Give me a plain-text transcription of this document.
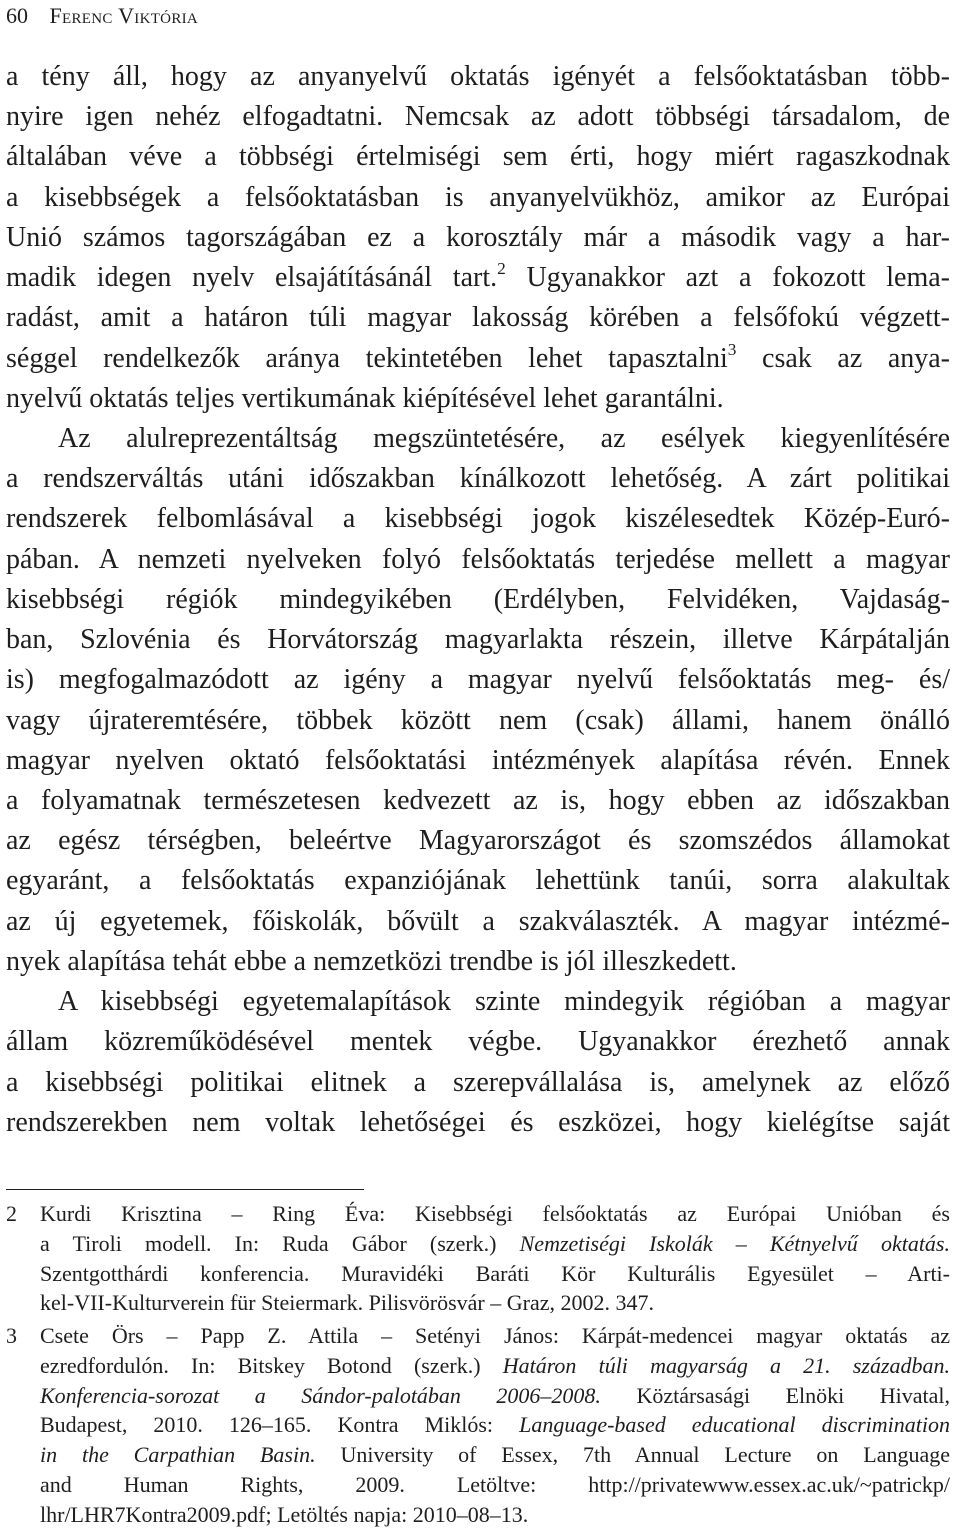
60 Ferenc Viktória
a tény áll, hogy az anyanyelvű oktatás igényét a felsőoktatásban több-
nyire igen nehéz elfogadtatni. Nemcsak az adott többségi társadalom, de
általában véve a többségi értelmiségi sem érti, hogy miért ragaszkodnak
a kisebbségek a felsőoktatásban is anyanyelvükhöz, amikor az Európai
Unió számos tagországában ez a korosztály már a második vagy a har-
madik idegen nyelv elsajátításánál tart.$^2$ Ugyanakkor azt a fokozott lema-
radást, amit a határon túli magyar lakosság körében a felsőfokú végzett-
séggel rendelkezők aránya tekintetében lehet tapasztalni$^3$ csak az anya-
nyelvű oktatás teljes vertikumának kiépítésével lehet garantálni.
Az alulreprezentáltság megszüntetésére, az esélyek kiegyenlítésére
a rendszerváltás utáni időszakban kínálkozott lehetőség. A zárt politikai
rendszerek felbomlásával a kisebbségi jogok kiszélesedtek Közép-Euró-
pában. A nemzeti nyelveken folyó felsőoktatás terjedése mellett a magyar
kisebbségi régiók mindegyikében (Erdélyben, Felvidéken, Vajdaság-
ban, Szlovénia és Horvátország magyarlakta részein, illetve Kárpátalján
is) megfogalmazódott az igény a magyar nyelvű felsőoktatás meg- és/
vagy újrateremtésére, többek között nem (csak) állami, hanem önálló
magyar nyelven oktató felsőoktatási intézmények alapítása révén. Ennek
a folyamatnak természetesen kedvezett az is, hogy ebben az időszakban
az egész térségben, beleértve Magyarországot és szomszédos államokat
egyaránt, a felsőoktatás expanziójának lehettünk tanúi, sorra alakultak
az új egyetemek, főiskolák, bővült a szakválaszték. A magyar intézmé-
nyek alapítása tehát ebbe a nemzetközi trendbe is jól illeszkedett.
A kisebbségi egyetemalapítások szinte mindegyik régióban a magyar
állam közreműködésével mentek végbe. Ugyanakkor érezhető annak
a kisebbségi politikai elitnek a szerepvállalása is, amelynek az előző
rendszerekben nem voltak lehetőségei és eszközei, hogy kielégítse saját
2 Kurdi Krisztina – Ring Éva: Kisebbségi felsőoktatás az Európai Unióban és
a Tiroli modell. In: Ruda Gábor (szerk.) Nemzetiségi Iskolák – Kétnyelvű oktatás.
Szentgotthárdi konferencia. Muravidéki Baráti Kör Kulturális Egyesület – Arti-
kel-VII-Kulturverein für Steiermark. Pilisvörösvár – Graz, 2002. 347.
3 Csete Örs – Papp Z. Attila – Setényi János: Kárpát-medencei magyar oktatás az
ezredfordulón. In: Bitskey Botond (szerk.) Határon túli magyarság a 21. században.
Konferencia-sorozat a Sándor-palotában 2006–2008. Köztársasági Elnöki Hivatal,
Budapest, 2010. 126–165. Kontra Miklós: Language-based educational discrimination
in the Carpathian Basin. University of Essex, 7th Annual Lecture on Language
and Human Rights, 2009. Letöltve: http://privatewww.essex.ac.uk/~patrickp/
lhr/LHR7Kontra2009.pdf; Letöltés napja: 2010–08–13.
